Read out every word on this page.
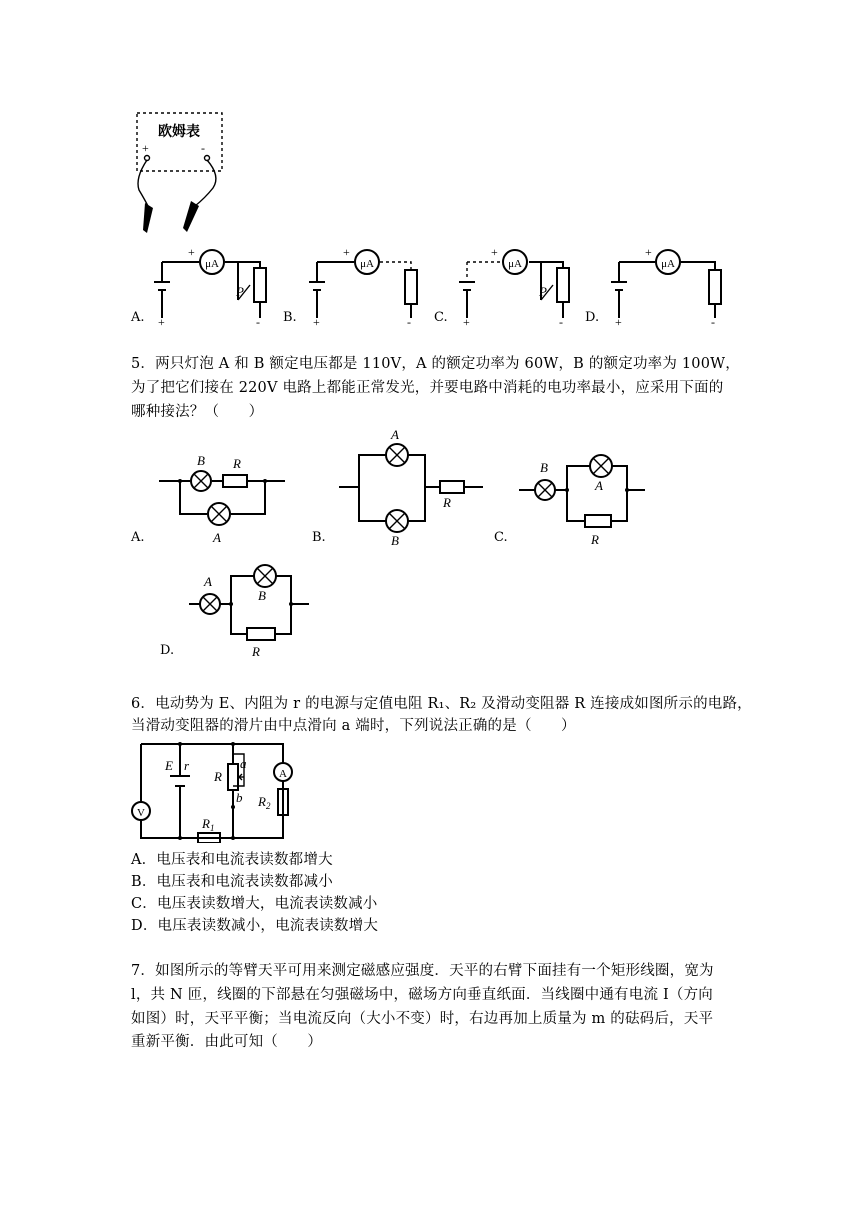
欧姆表
+	-
A.
μA
+
P
+	- B.
μA
+
+	- C.
μA
+
P
+	- D.
μA
+
+	-

5．两只灯泡 A 和 B 额定电压都是 110V，A 的额定功率为 60W，B 的额定功率为 100W，

为了把它们接在 220V 电路上都能正常发光，并要电路中消耗的电功率最小，应采用下面的

哪种接法？（　　）

A.
B R
A	B.
A
B
R
C.
B
A
R
D.
A
B
R

6．电动势为 E、内阻为 r 的电源与定值电阻 R₁、R₂ 及滑动变阻器 R 连接成如图所示的电路，

当滑动变阻器的滑片由中点滑向 a 端时，下列说法正确的是（　　）

V
A
E r
R
a
b $R_2$
$R_1$

A．电压表和电流表读数都增大

B．电压表和电流表读数都减小

C．电压表读数增大，电流表读数减小

D．电压表读数减小，电流表读数增大

7．如图所示的等臂天平可用来测定磁感应强度．天平的右臂下面挂有一个矩形线圈，宽为

l，共 N 匝，线圈的下部悬在匀强磁场中，磁场方向垂直纸面．当线圈中通有电流 I（方向

如图）时，天平平衡；当电流反向（大小不变）时，右边再加上质量为 m 的砝码后，天平

重新平衡．由此可知（　　）
